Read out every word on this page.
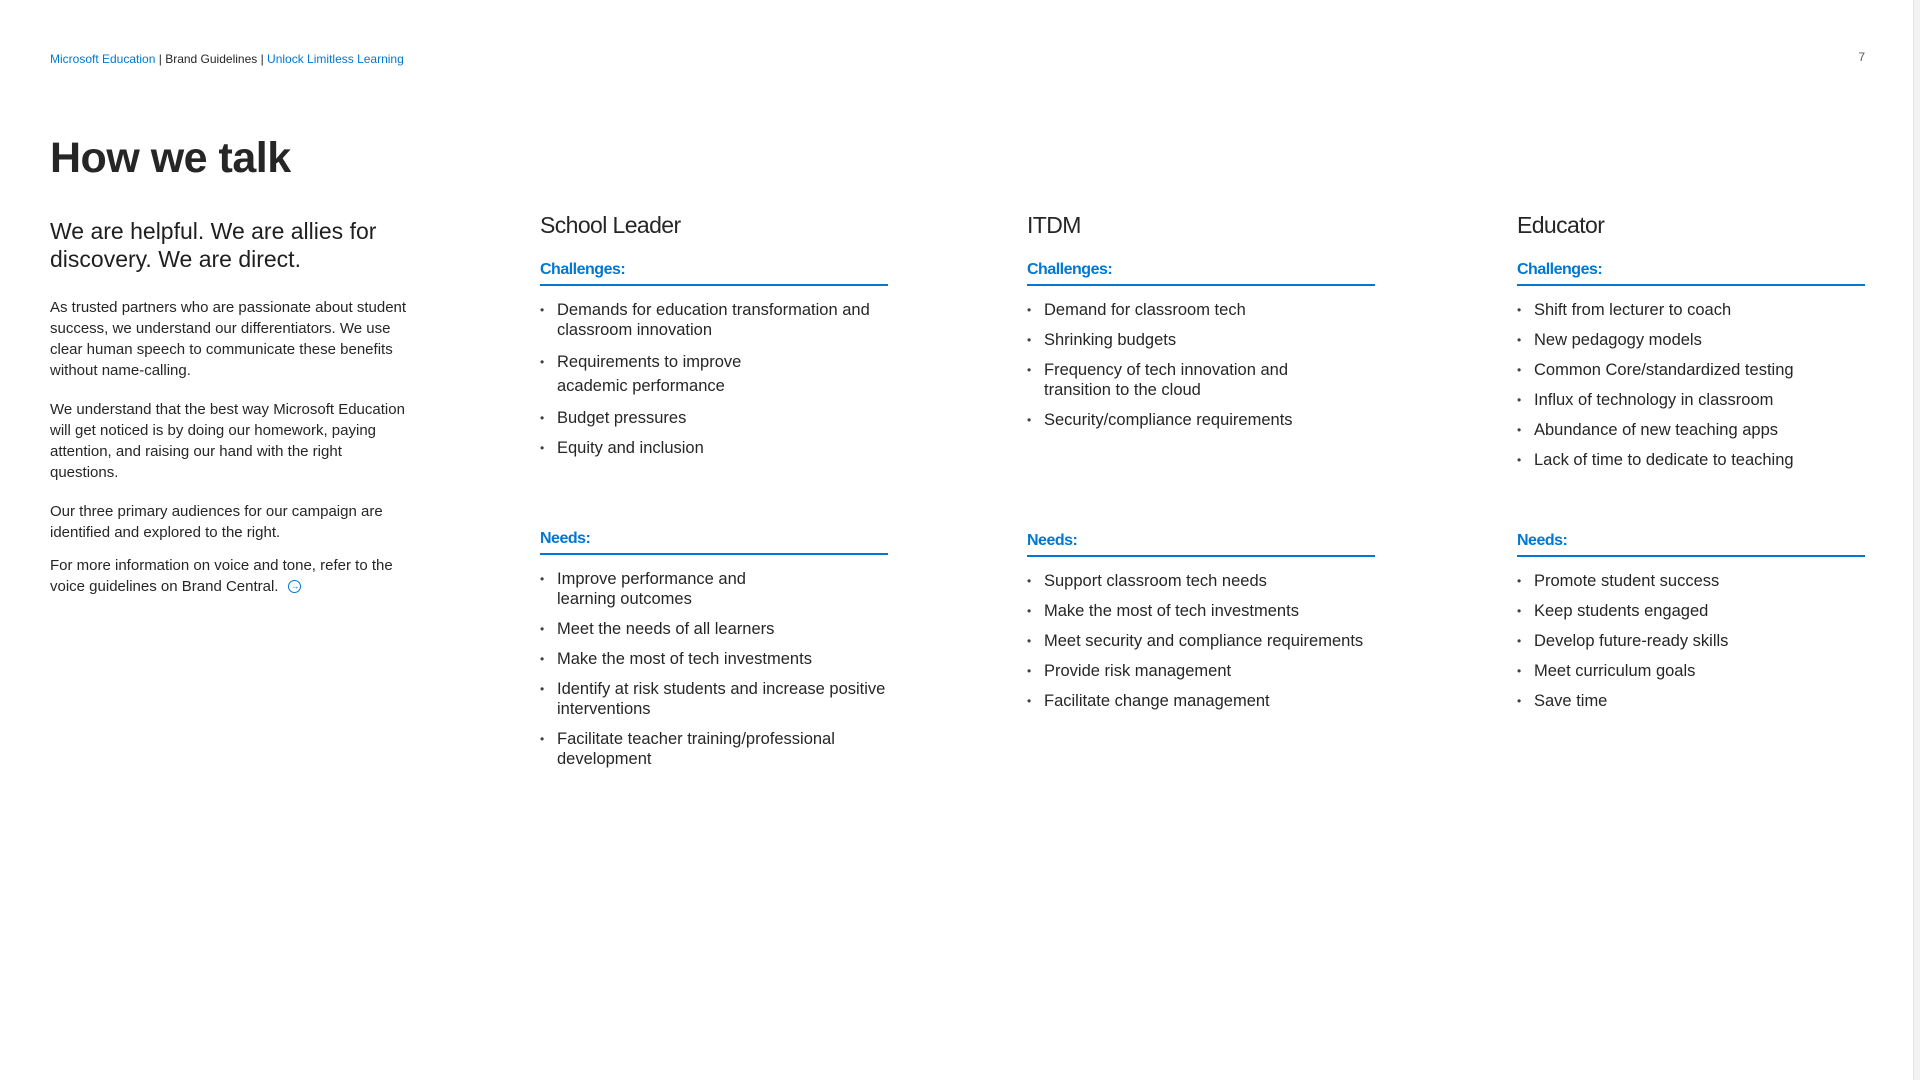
Microsoft Education | Brand Guidelines | Unlock Limitless Learning	7
How we talk

We are helpful. We are allies for discovery. We are direct.

As trusted partners who are passionate about student success, we understand our differentiators. We use clear human speech to communicate these benefits without name-calling.

We understand that the best way Microsoft Education will get noticed is by doing our homework, paying attention, and raising our hand with the right questions.

Our three primary audiences for our campaign are identified and explored to the right.

For more information on voice and tone, refer to the voice guidelines on Brand Central. →

School Leader
Challenges:
• Demands for education transformation and classroom innovation
• Requirements to improve academic performance
• Budget pressures
• Equity and inclusion
Needs:
• Improve performance and learning outcomes
• Meet the needs of all learners
• Make the most of tech investments
• Identify at risk students and increase positive interventions
• Facilitate teacher training/professional development
ITDM
Challenges:
• Demand for classroom tech
• Shrinking budgets
• Frequency of tech innovation and transition to the cloud
• Security/compliance requirements
Needs:
• Support classroom tech needs
• Make the most of tech investments
• Meet security and compliance requirements
• Provide risk management
• Facilitate change management
Educator
Challenges:
• Shift from lecturer to coach
• New pedagogy models
• Common Core/standardized testing
• Influx of technology in classroom
• Abundance of new teaching apps
• Lack of time to dedicate to teaching
Needs:
• Promote student success
• Keep students engaged
• Develop future-ready skills
• Meet curriculum goals
• Save time
